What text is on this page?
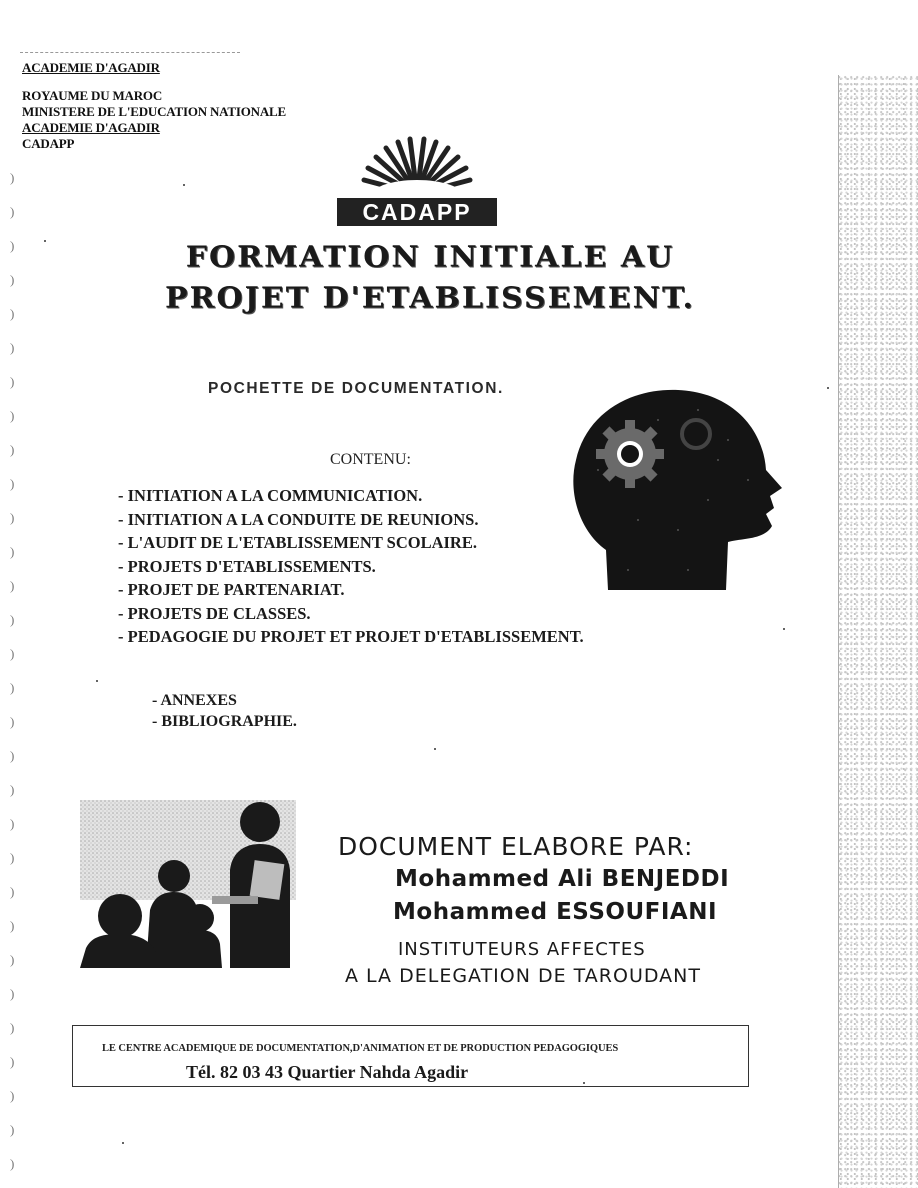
)
)
)
)
)
)
)
)
)
)
)
)
)
)
)
)
)
)
)
)
)
)
)
)
)
)
)
)
)
)
ACADEMIE D'AGADIR
ROYAUME DU MAROC
MINISTERE DE L'EDUCATION NATIONALE
ACADEMIE D'AGADIR
CADAPP
CADAPP
FORMATION INITIALE AU
PROJET D'ETABLISSEMENT.
POCHETTE DE DOCUMENTATION.
CONTENU:
- INITIATION A LA COMMUNICATION.
- INITIATION A LA CONDUITE DE REUNIONS.
- L'AUDIT DE L'ETABLISSEMENT SCOLAIRE.
- PROJETS D'ETABLISSEMENTS.
- PROJET DE PARTENARIAT.
- PROJETS DE CLASSES.
- PEDAGOGIE DU PROJET ET PROJET D'ETABLISSEMENT.
- ANNEXES
- BIBLIOGRAPHIE.
DOCUMENT ELABORE PAR:
Mohammed Ali BENJEDDI
Mohammed ESSOUFIANI
INSTITUTEURS AFFECTES
A LA DELEGATION DE TAROUDANT
LE CENTRE ACADEMIQUE DE DOCUMENTATION,D'ANIMATION ET DE PRODUCTION PEDAGOGIQUES
Tél. 82 03 43 Quartier Nahda Agadir
